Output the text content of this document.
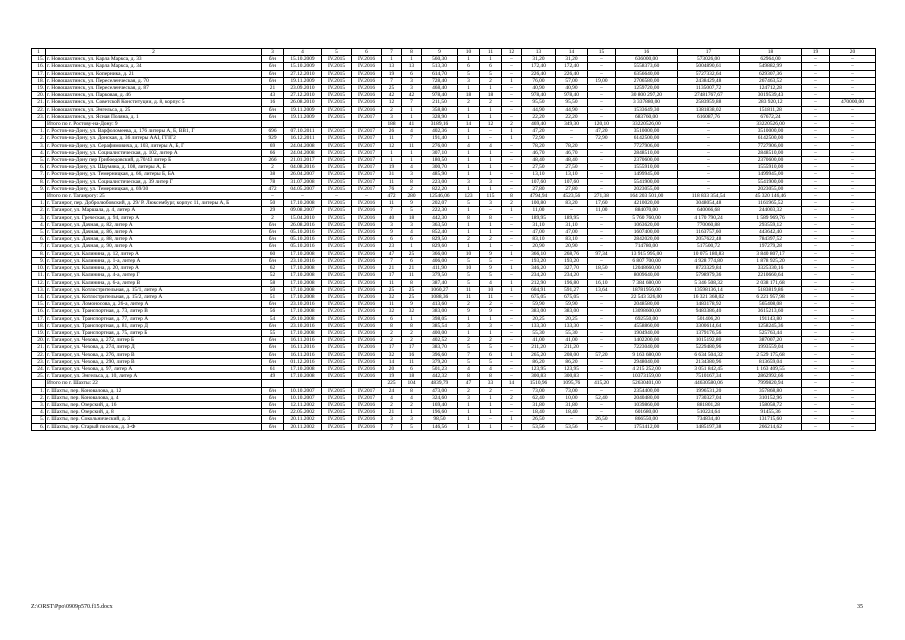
1	2	3	4	5	6	7	8	9	10	11	12	13	14	15	16	17	18	19	20
15.	г. Новошахтинск, ул. Карла Маркса, д. 33	б/н	15.10.2009	IV.2015	IV.2016	1	1	560,30	1	1	–	31,20	31,20	–	636000,00	573026,00	62964,00	–	–
16.	г. Новошахтинск, ул. Карла Маркса, д. 34	б/н	15.10.2009	IV.2015	IV.2016	13	13	513,30	6	6	–	172,40	172,40	–	5558373,60	5004890,61	549882,99	–	–
17.	г. Новошахтинск, ул. Коперника, д. 21	б/н	27.12.2010	IV.2015	IV.2016	19	6	614,70	5	5	–	226,40	226,40	–	6356640,00	5727332,64	629307,36	–	–
18.	г. Новошахтинск, ул. Переселенческая, д. 70	б/н	19.11.2009	IV.2015	IV.2016	7	3	728,40	3	2	1	76,00	57,00	19,00	2706580,00	2438429,48	267463,52	–	–
19.	г. Новошахтинск, ул. Переселенческая, д. 87	21	23.09.2010	IV.2015	IV.2016	25	3	468,40	1	1	–	40,90	40,90	–	1259720,00	1135007,72	124712,28	–	–
20.	г. Новошахтинск, ул. Парковая, д. 46	43	27.12.2010	IV.2015	IV.2016	42	42	978,40	18	18	–	978,40	978,40	–	30 800 297,20	27481767,67	3019539,43	–	–
21.	г. Новошахтинск, ул. Советской Конституции, д. 8, корпус 5	16	26.08.2010	IV.2015	IV.2016	12	7	211,50	2	2	–	95,50	95,50	–	3 337880,00	2583959,88	283 920,12	–	470000,00
22.	г. Новошахтинск, ул. Энгельса, д. 25	б/н	19.11.2009	IV.2015	IV.2016	2	1	358,80	1	1	–	44,90	44,90	–	1533649,30	1381838,02	151811,28	–	–
23.	г. Новошахтинск, ул. Ясная Поляна, д. 1	б/н	19.11.2009	IV.2015	IV.2017	3	1	328,90	1	1	–	22,20	22,20	–	683760,00	616087,76	67672,24	–	–
	Итого по г. Ростову-на-Дону: 9					188	41	3189,16	14	12	2	469,40	349,30	120,10	33220526,00	–	33220526,00	–	–
1.	г. Ростов-на-Дону, ул. Варфоломеева, д. 176 литеры А, Б, ВВ1, Г	696	07.10.2011	IV.2015	IV.2017	26	4	402,36	1	–	1	47,20	–	47,20	3510000,00	–	3510000,00	–	–
2.	г. Ростов-на-Дону, ул. Донская, д. 36 литеры ААI, ГГIГ2	929	16.12.2011	IV.2015	IV.2017	11	7	191,40	1	–	1	72,90	–	72,90	6142500,00	–	6142500,00	–	–
3.	г. Ростов-на-Дону, ул. Серафимовича, д. 103, литеры А, Б, Г	69	24.04.2008	IV.2015	IV.2017	12	11	276,00	4	4	–	78,20	78,20	–	7727906,00	–	7727906,00	–	–
4.	г. Ростов-на-Дону, ул. Социалистическая, д. 102, литер А	66	24.04.2008	IV.2015	IV.2017	1	1	307,10	1	1	–	46,70	46,70	–	2848510,00	–	2848510,00	–	–
5.	г. Ростов-на-Дону пер Грибоедовский, д.70/43 литер Б	266	21.01.2017	IV.2015	IV.2017	1	1	180,50	1	1	–	48,40	48,40	–	2370600,00	–	2370600,00	–	–
6.	г. Ростов-на-Дону, ул. Шаумяна, д. 108, литеры А, Б	2	04.08.2016	IV.2015	IV.2017	19	4	300,70	1	1	–	27,50	27,50	–	1555910,00	–	1555910,00	–	–
7.	г. Ростов-на-Дону, ул. Темерницкая, д. 66, литеры Б, БА	38	26.04.2007	IV.2015	IV.2017	31	3	485,90	1	1	–	13,10	13,10	–	1499945,00	–	1499945,00	–	–
8.	г. Ростов-на-Дону, ул. Социалистическая, д. 39 литер Г	78	31.07.2008	IV.2015	IV.2017	11	8	223,00	3	3	–	107,60	107,60	–	5541900,00	–	5541900,00	–	–
9.	г. Ростов-на-Дону, ул. Темерницкая, д. 69/30	472	04.05.2007	IV.2015	IV.2017	76	2	822,20	1	1	–	27,80	27,80	–	2023055,00	–	2023055,00	–	–
	Итого по г. Таганрогу: 25	–	–	–	–	472	280	12546,06	123	115	8	4794,94	4523,56	271,38	164 203 501,00	118 833 354,54	45 320 146,46	–	–
1.	г. Таганрог, пер. Добролюбовский, д. 29/ Р. Люксембург, корпус 11, литеры А, Б	50	17.10.2008	IV.2015	IV.2016	11	9	202,07	5	3	2	100,80	83,20	17,60	4210020,00	3048054,48	1161965,52	–	–
2.	г. Таганрог, ул. Маршала, д. 4, литер А	29	09.08.2007	IV.2015	IV.2016	7	5	222,30	1	–	1	11,00	–	11,00	884070,00	640066,68	244003,32	–	–
3.	г. Таганрог, ул. Греческая, д. 94, литер А	2	15.04.2010	IV.2015	IV.2016	40	18	442,30	8	8	–	189,95	189,95	–	5 760 760,00	4 170 790,24	1 589 969,76	–	–
4.	г. Таганрог, ул. Дачная, д. 82, литер А	б/н	26.08.2016	IV.2015	IV.2016	3	3	363,50	1	1	–	31,10	31,10	–	1063620,00	770060,88	293559,12	–	–
5.	г. Таганрог, ул. Дачная, д. 86, литер А	б/н	05.10.2016	IV.2015	IV.2016	9	4	852,40	1	1	–	47,00	47,00	–	1607400,00	1163757,60	443642,40	–	–
6.	г. Таганрог, ул. Дачная, д. 88, литер А	б/н	05.10.2016	IV.2015	IV.2016	6	6	829,50	2	2	–	83,10	83,10	–	2842020,00	2057622,48	784397,52	–	–
7.	г. Таганрог, ул. Дачная, д. 90, литер А	б/н	05.10.2016	IV.2015	IV.2016	23	1	829,60	1	1	–	20,90	20,90	–	714780,00	517500,72	197279,28	–	–
8.	г. Таганрог, ул. Калинина, д. 12, литер А	60	17.10.2008	IV.2015	IV.2016	47	25	366,00	10	9	1	366,10	268,76	97,34	13 915 995,00	10 075 180,83	3 840 807,17	–	–
9.	г. Таганрог, ул. Калинина, д. 1-а, литер А	б/н	23.10.2016	IV.2015	IV.2016	7	6	406,00	5	5	–	193,20	193,20	–	6 807 700,00	4 928 774,80	1 878 925,20	–	–
10.	г. Таганрог, ул. Калинина, д. 20, литер А	62	17.10.2008	IV.2015	IV.2016	21	21	411,90	10	9	1	346,20	327,70	18,50	12048660,00	8723329,84	3325330,16	–	–
11.	г. Таганрог, ул. Калинина, д. 4-а, литер Г	52	17.10.2008	IV.2015	IV.2016	17	11	379,50	5	5	–	234,20	234,20	–	8009640,00	5798979,36	2210660,64	–	–
12.	г. Таганрог, ул. Калинина, д. 6-а, литер В	58	17.10.2008	IV.2015	IV.2016	11	8	387,40	5	4	1	212,90	196,80	16,10	7 384 680,00	5 346 508,32	2 038 171,68	–	–
13.	г. Таганрог, ул. Котлострительная, д. 15/1, литер А	50	17.10.2008	IV.2015	IV.2016	25	25	1060,27	11	10	1	604,91	591,27	13,64	18781956,00	13598136,14	5183819,86	–	–
14.	г. Таганрог, ул. Котлострительная, д. 15/2, литер А	51	17.10.2008	IV.2015	IV.2016	32	25	1088,36	11	11	–	675,05	675,05	–	22 543 326,00	16 321 368,02	6 221 957,98	–	–
15.	г. Таганрог, ул. Ломоносова, д. 26-а, литер А	б/н	23.10.2016	IV.2015	IV.2016	11	9	413,60	2	2	–	59,90	59,90	–	2048580,00	1483178,92	565408,08	–	–
16.	г. Таганрог, ул. Транспортная, д. 73, литер В	56	17.10.2008	IV.2015	IV.2016	32	32	383,00	9	9	–	383,00	383,00	–	13098600,00	9483386,40	3615213,60	–	–
17.	г. Таганрог, ул. Транспортная, д. 77, литер А	54	29.10.2008	IV.2015	IV.2016	6	1	398,05	1	1	–	20,25	20,25	–	692550,00	501406,20	191143,80	–	–
18.	г. Таганрог, ул. Транспортная, д. 81, литер Д	б/н	23.10.2016	IV.2015	IV.2016	8	8	385,54	3	3	–	133,30	133,30	–	4558860,00	3300614,64	1258245,36	–	–
19.	г. Таганрог, ул. Транспортная, д. 75, литер Б	55	17.10.2008	IV.2015	IV.2016	2	2	400,00	1	1	–	55,30	55,30	–	1904940,00	1379176,56	525763,44	–	–
20.	г. Таганрог, ул. Чехова, д. 272, литер Б	б/н	16.11.2016	IV.2015	IV.2016	2	2	402,52	2	2	–	41,00	41,00	–	1402200,00	1015192,80	387007,20	–	–
21.	г. Таганрог, ул. Чехова, д. 274, литер Д	б/н	16.11.2016	IV.2015	IV.2016	17	17	383,70	5	5	–	211,20	211,20	–	7223040,00	5229480,96	1993559,04	–	–
22.	г. Таганрог, ул. Чехова, д. 276, литер В	б/н	16.11.2016	IV.2015	IV.2016	32	16	396,60	7	6	1	265,20	208,00	57,20	9 163 680,00	6 634 504,32	2 529 175,68	–	–
23.	г. Таганрог, ул. Чехова, д. 290, литер В	б/н	01.12.2016	IV.2015	IV.2016	14	11	379,20	5	5	–	86,20	86,20	–	2948040,00	2134380,96	813659,04	–	–
24.	г. Таганрог, ул. Чехова, д. 97, литер А	61	17.10.2008	IV.2015	IV.2016	20	6	501,23	4	4	–	123,95	123,95	–	4 215 252,00	3 051 842,45	1 163 409,55	–	–
25.	г. Таганрог, ул. Энгельса, д. 10, литер А	49	17.10.2008	IV.2015	IV.2016	19	18	442,32	8	8	–	300,83	300,83	–	10373159,00	7510167,34	2862992,66	–	–
	Итого по г. Шахты: 22					225	104	4839,79	47	33	14	1510,96	1095,76	415,20	52630401,00	44630580,06	7999820,94	–	–
1.	г. Шахты, пер. Коновалова, д. 12	б/н	10.10.2007	IV.2015	IV.2017	24	8	473,00	2	2	–	73,00	73,00	–	2354400,00	1996531,20	357868,80	–	–
2.	г. Шахты, пер. Коновалова, д. 4	б/н	10.10.2007	IV.2015	IV.2017	4	4	324,60	3	1	2	62,40	10,00	52,40	2040480,00	1730327,04	310152,96	–	–
3.	г. Шахты, пер. Озерский, д. 16	б/н	12.11.2002	IV.2015	IV.2016	2	2	169,40	1	1	–	31,80	31,80	–	1039860,00	881801,28	158058,72	–	–
4.	г. Шахты, пер. Озерский, д. 8	б/н	22.05.2002	IV.2015	IV.2016	21	1	196,60	1	1	–	18,40	18,40	–	601680,00	510224,64	91455,36	–	–
5.	г. Шахты, пер. Сокольнический, д. 3	б/н	20.11.2002	IV.2015	IV.2016	3	3	98,50	1	–	1	26,50	–	26,50	866550,00	734834,40	131715,60	–	–
6.	г. Шахты, пер. Старый поселок, д. 3-Ф	б/н	20.11.2002	IV.2015	IV.2016	7	5	146,56	1	1	–	53,56	53,56	–	1751412,00	1485197,38	266214,62	–	–
Z:\ORST\Ppo\0909p570.f15.docx	35
